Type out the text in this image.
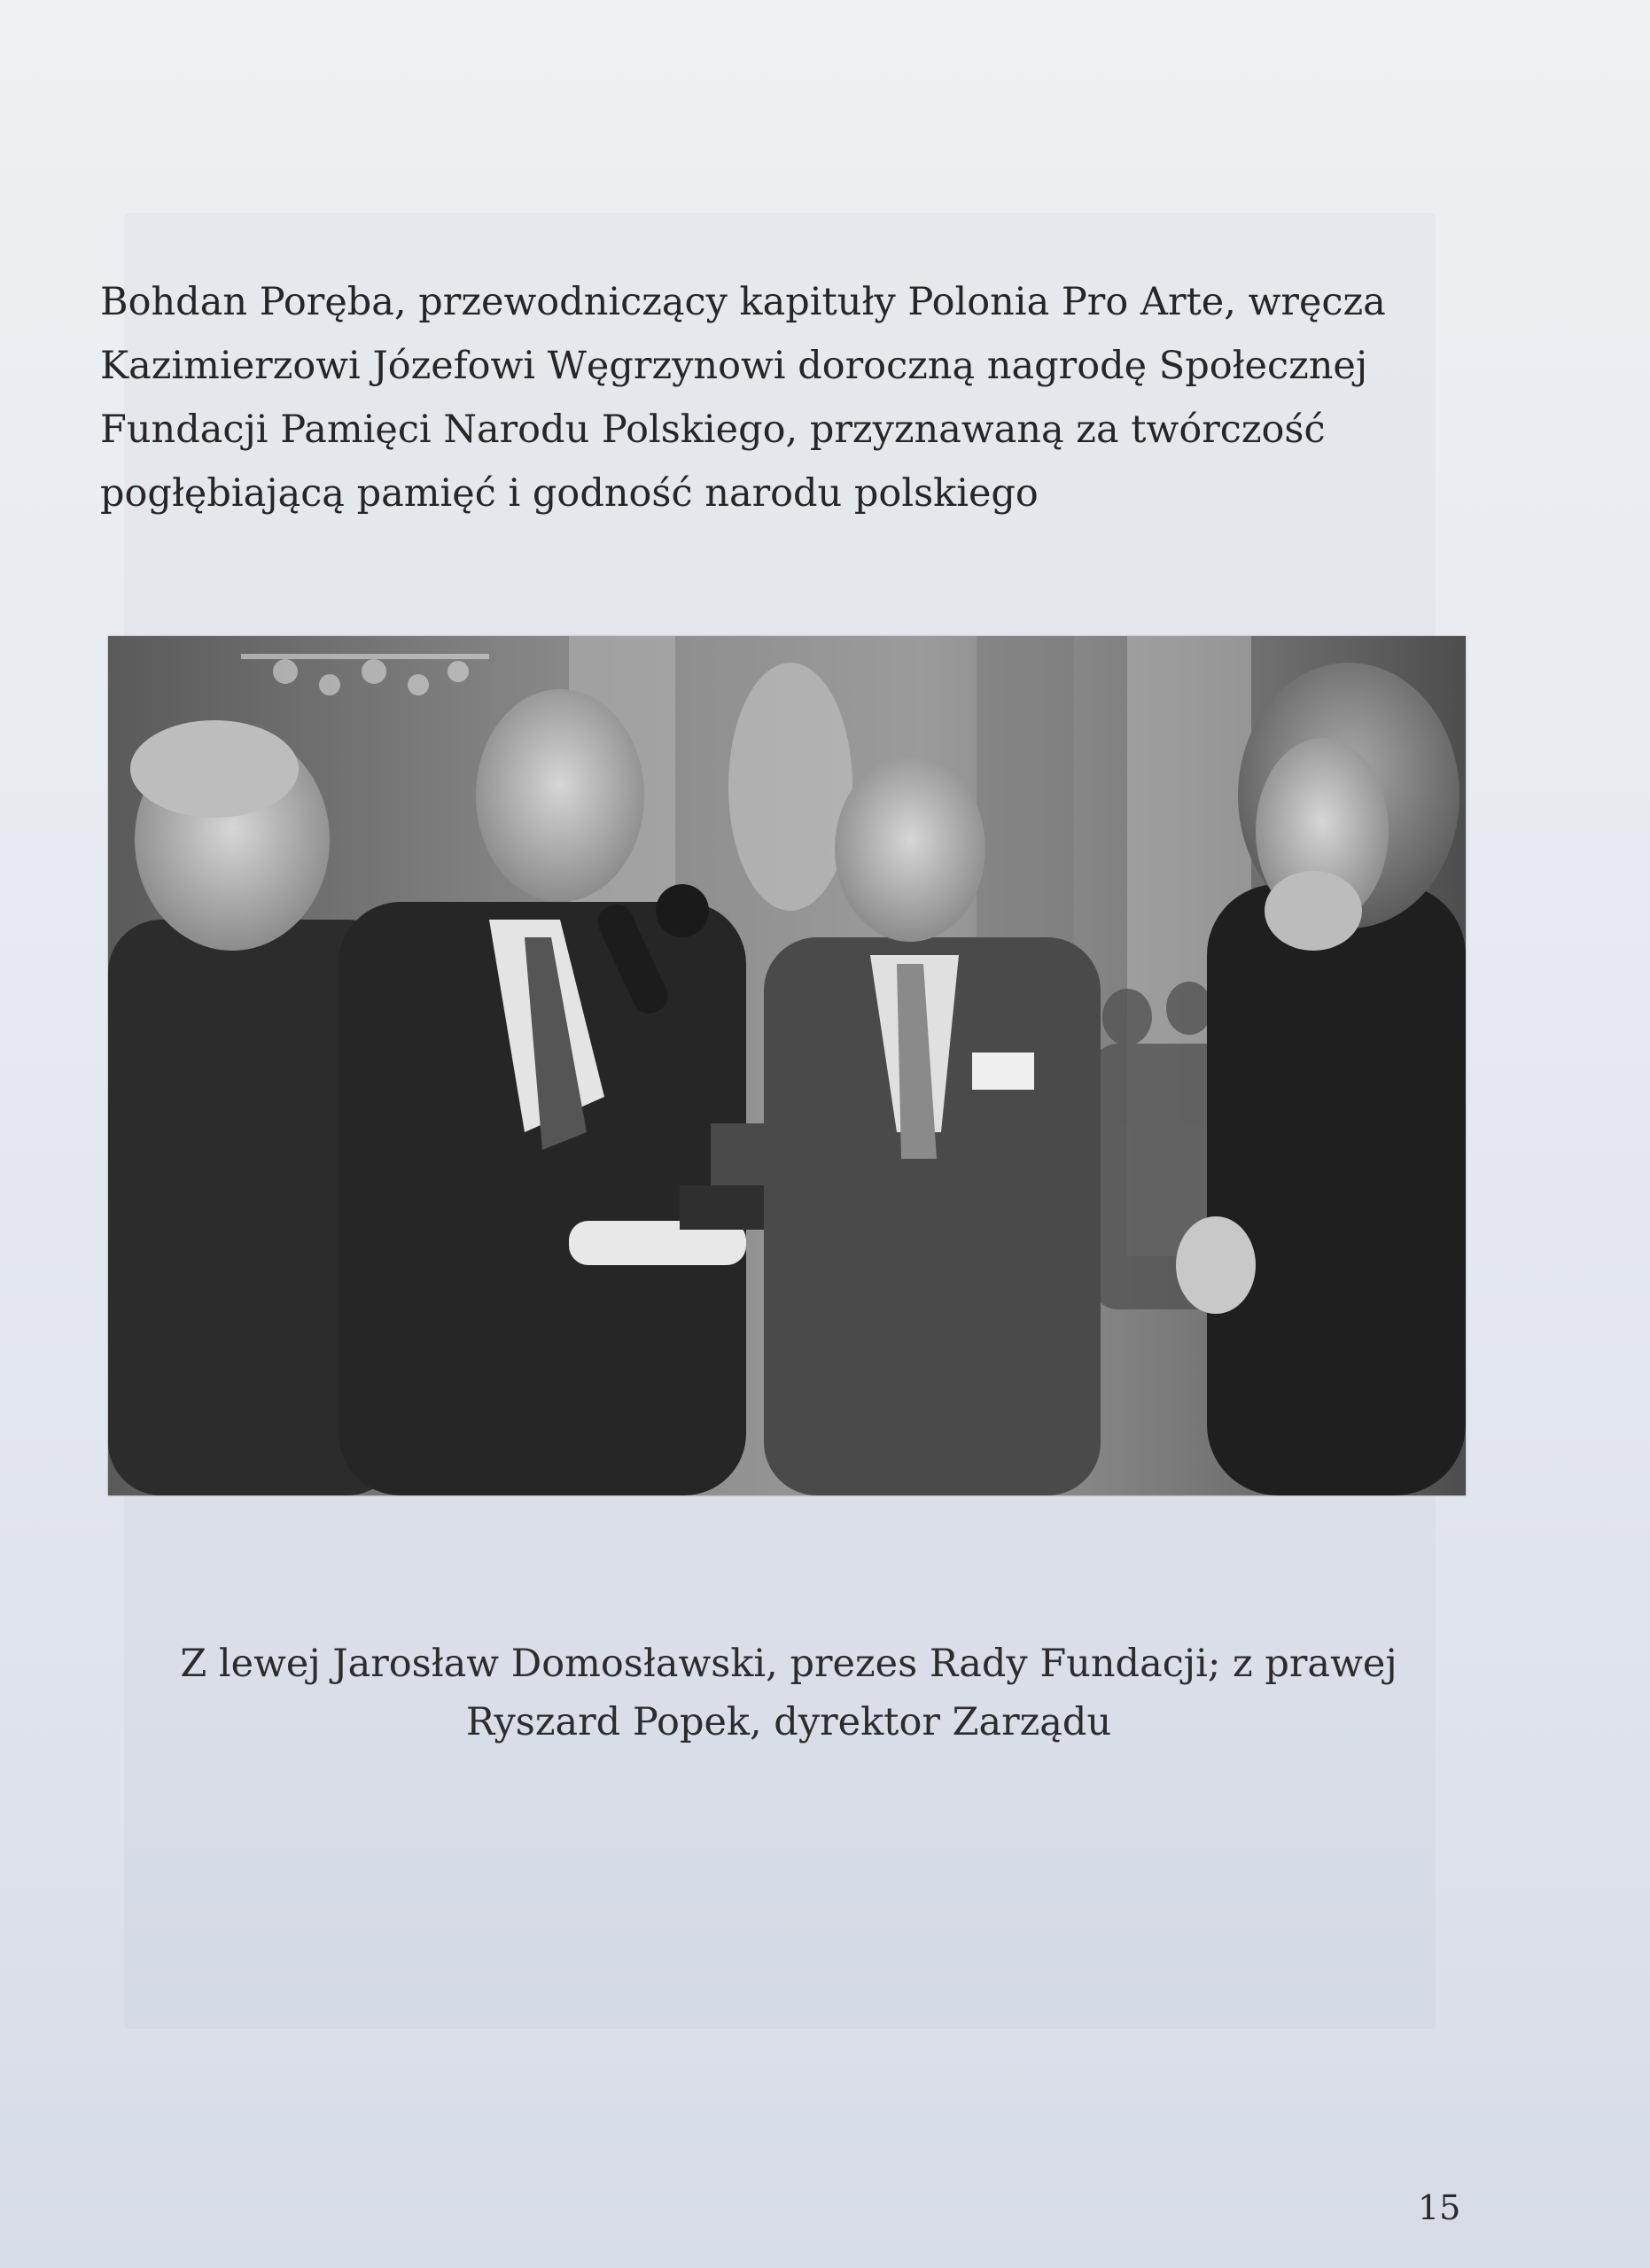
Bohdan Poręba, przewodniczący kapituły Polonia Pro Arte, wręcza
Kazimierzowi Józefowi Węgrzynowi doroczną nagrodę Społecznej
Fundacji Pamięci Narodu Polskiego, przyznawaną za twórczość
pogłębiającą pamięć i godność narodu polskiego
Z lewej Jarosław Domosławski, prezes Rady Fundacji; z prawej
Ryszard Popek, dyrektor Zarządu
15
